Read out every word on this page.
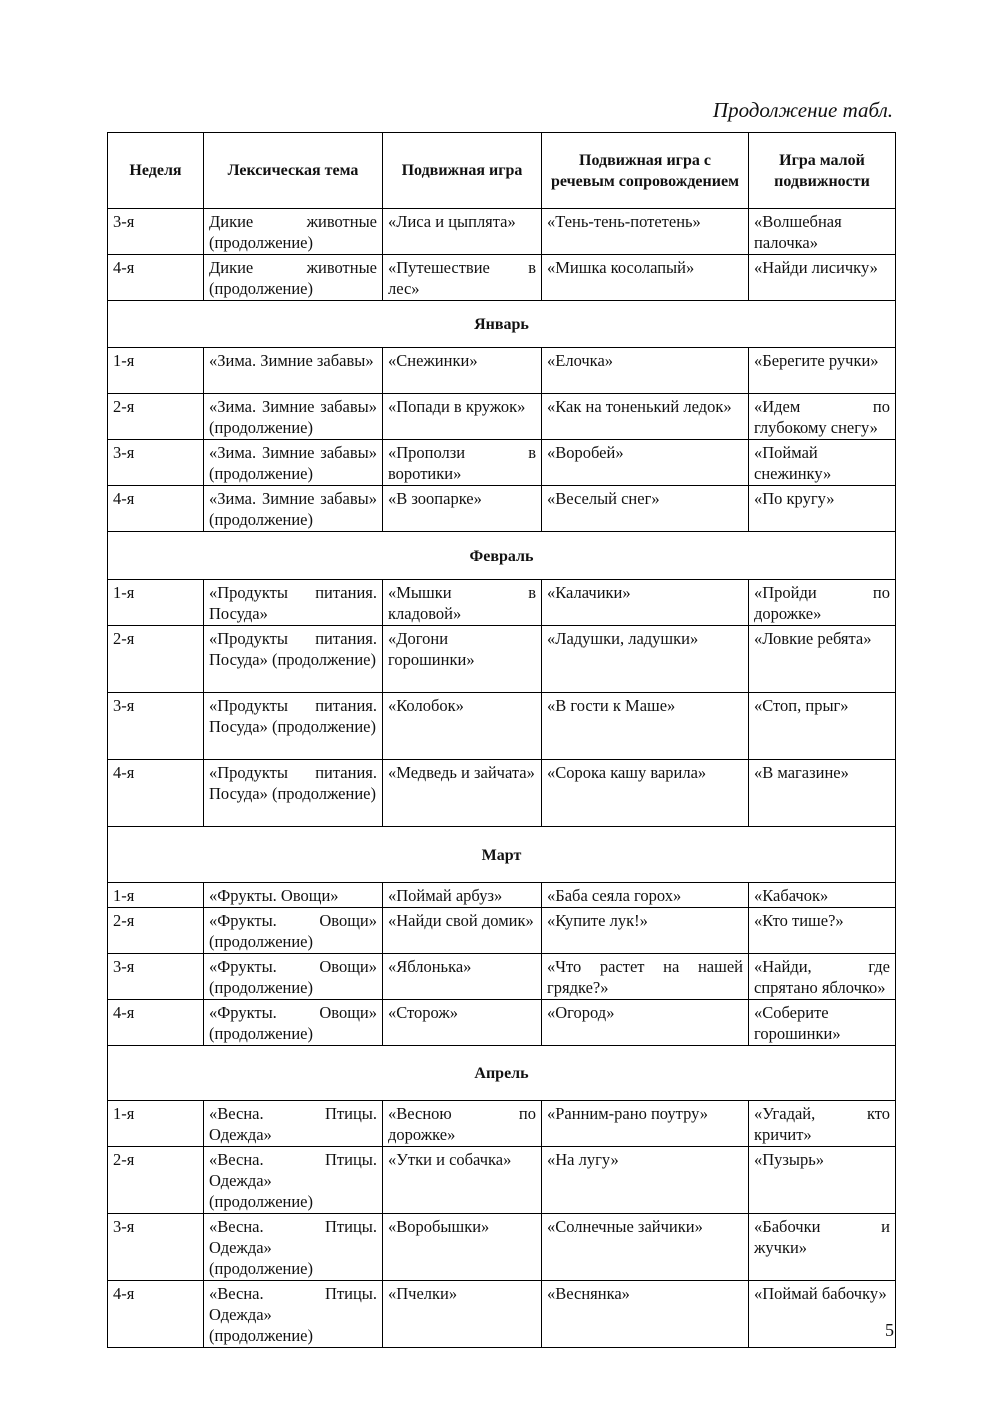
Продолжение табл.
Неделя	Лексическая тема	Подвижная игра	Подвижная игра с речевым сопровождением	Игра малой подвижности
3-я	Дикие животные (продолжение)	«Лиса и цыплята»	«Тень-тень-потетень»	«Волшебная палочка»
4-я	Дикие животные (продолжение)	«Путешествие в лес»	«Мишка косолапый»	«Найди лисичку»
Январь				
1-я	«Зима. Зимние забавы»	«Снежинки»	«Елочка»	«Берегите ручки»
2-я	«Зима. Зимние забавы» (продолжение)	«Попади в кружок»	«Как на тоненький ледок»	«Идем по глубокому снегу»
3-я	«Зима. Зимние забавы» (продолжение)	«Проползи в воротики»	«Воробей»	«Поймай снежинку»
4-я	«Зима. Зимние забавы» (продолжение)	«В зоопарке»	«Веселый снег»	«По кругу»
Февраль				
1-я	«Продукты питания. Посуда»	«Мышки в кладовой»	«Калачики»	«Пройди по дорожке»
2-я	«Продукты питания. Посуда» (продолжение)	«Догони горошинки»	«Ладушки, ладушки»	«Ловкие ребята»
3-я	«Продукты питания. Посуда» (продолжение)	«Колобок»	«В гости к Маше»	«Стоп, прыг»
4-я	«Продукты питания. Посуда» (продолжение)	«Медведь и зайчата»	«Сорока кашу варила»	«В магазине»
Март				
1-я	«Фрукты. Овощи»	«Поймай арбуз»	«Баба сеяла горох»	«Кабачок»
2-я	«Фрукты. Овощи» (продолжение)	«Найди свой домик»	«Купите лук!»	«Кто тише?»
3-я	«Фрукты. Овощи» (продолжение)	«Яблонька»	«Что растет на нашей грядке?»	«Найди, где спрятано яблочко»
4-я	«Фрукты. Овощи» (продолжение)	«Сторож»	«Огород»	«Соберите горошинки»
Апрель				
1-я	«Весна. Птицы. Одежда»	«Весною по дорожке»	«Ранним-рано поутру»	«Угадай, кто кричит»
2-я	«Весна. Птицы. Одежда» (продолжение)	«Утки и собачка»	«На лугу»	«Пузырь»
3-я	«Весна. Птицы. Одежда» (продолжение)	«Воробышки»	«Солнечные зайчики»	«Бабочки и жучки»
4-я	«Весна. Птицы. Одежда» (продолжение)	«Пчелки»	«Веснянка»	«Поймай бабочку»
5
